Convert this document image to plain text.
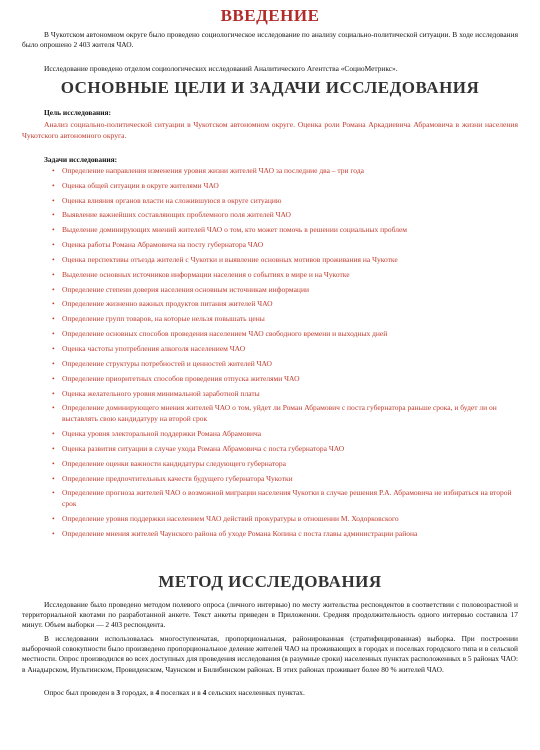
ВВЕДЕНИЕ

В Чукотском автономном округе было проведено социологическое исследование по анализу социально-политической ситуации. В ходе исследования было опрошено 2 403 жителя ЧАО.

Исследование проведено отделом социологических исследований Аналитического Агентства «СоциоМетрикс».

ОСНОВНЫЕ ЦЕЛИ И ЗАДАЧИ ИССЛЕДОВАНИЯ
Цель исследования:

Анализ социально-политической ситуации в Чукотском автономном округе. Оценка роли Романа Аркадиевича Абрамовича в жизни населения Чукотского автономного округа.

Задачи исследования:
• Определение направления изменения уровня жизни жителей ЧАО за последние два – три года
• Оценка общей ситуации в округе жителями ЧАО
• Оценка влияния органов власти на сложившуюся в округе ситуацию
• Выявление важнейших составляющих проблемного поля жителей ЧАО
• Выделение доминирующих мнений жителей ЧАО о том, кто может помочь в решении социальных проблем
• Оценка работы Романа Абрамовича на посту губернатора ЧАО
• Оценка перспективы отъезда жителей с Чукотки и выявление основных мотивов проживания на Чукотке
• Выделение основных источников информации населения о событиях в мире и на Чукотке
• Определение степени доверия населения основным источникам информации
• Определение жизненно важных продуктов питания жителей ЧАО
• Определение групп товаров, на которые нельзя повышать цены
• Определение основных способов проведения населением ЧАО свободного времени и выходных дней
• Оценка частоты употребления алкоголя населением ЧАО
• Определение структуры потребностей и ценностей жителей ЧАО
• Определение приоритетных способов проведения отпуска жителями ЧАО
• Оценка желательного уровня минимальной заработной платы
• Определение доминирующего мнения жителей ЧАО о том, уйдет ли Роман Абрамович с поста губернатора раньше срока, и будет ли он выставлять свою кандидатуру на второй срок
• Оценка уровня электоральной поддержки Романа Абрамовича
• Оценка развития ситуации в случае ухода Романа Абрамовича с поста губернатора ЧАО
• Определение оценки важности кандидатуры следующего губернатора
• Определение предпочтительных качеств будущего губернатора Чукотки
• Определение прогноза жителей ЧАО о возможной миграции населения Чукотки в случае решения Р.А. Абрамовича не избираться на второй срок
• Определение уровня поддержки населением ЧАО действий прокуратуры в отношении М. Ходорковского
• Определение мнения жителей Чаунского района об уходе Романа Копина с поста главы администрации района
МЕТОД ИССЛЕДОВАНИЯ

Исследование было проведено методом полевого опроса (личного интервью) по месту жительства респондентов в соответствии с половозрастной и территориальной квотами по разработанной анкете. Текст анкеты приведен в Приложении. Средняя продолжительность одного интервью составила 17 минут. Объем выборки — 2 403 респондента.

В исследовании использовалась многоступенчатая, пропорциональная, районированная (стратифицированная) выборка. При построении выборочной совокупности было произведено пропорциональное деление жителей ЧАО на проживающих в городах и поселках городского типа и в сельской местности. Опрос производился во всех доступных для проведения исследования (в разумные сроки) населенных пунктах расположенных в 5 районах ЧАО: в Анадырском, Иультинском, Провиденском, Чаунском и Билибинском районах. В этих районах проживает более 80 % жителей ЧАО.

Опрос был проведен в 3 городах, в 4 поселках и в 4 сельских населенных пунктах.
